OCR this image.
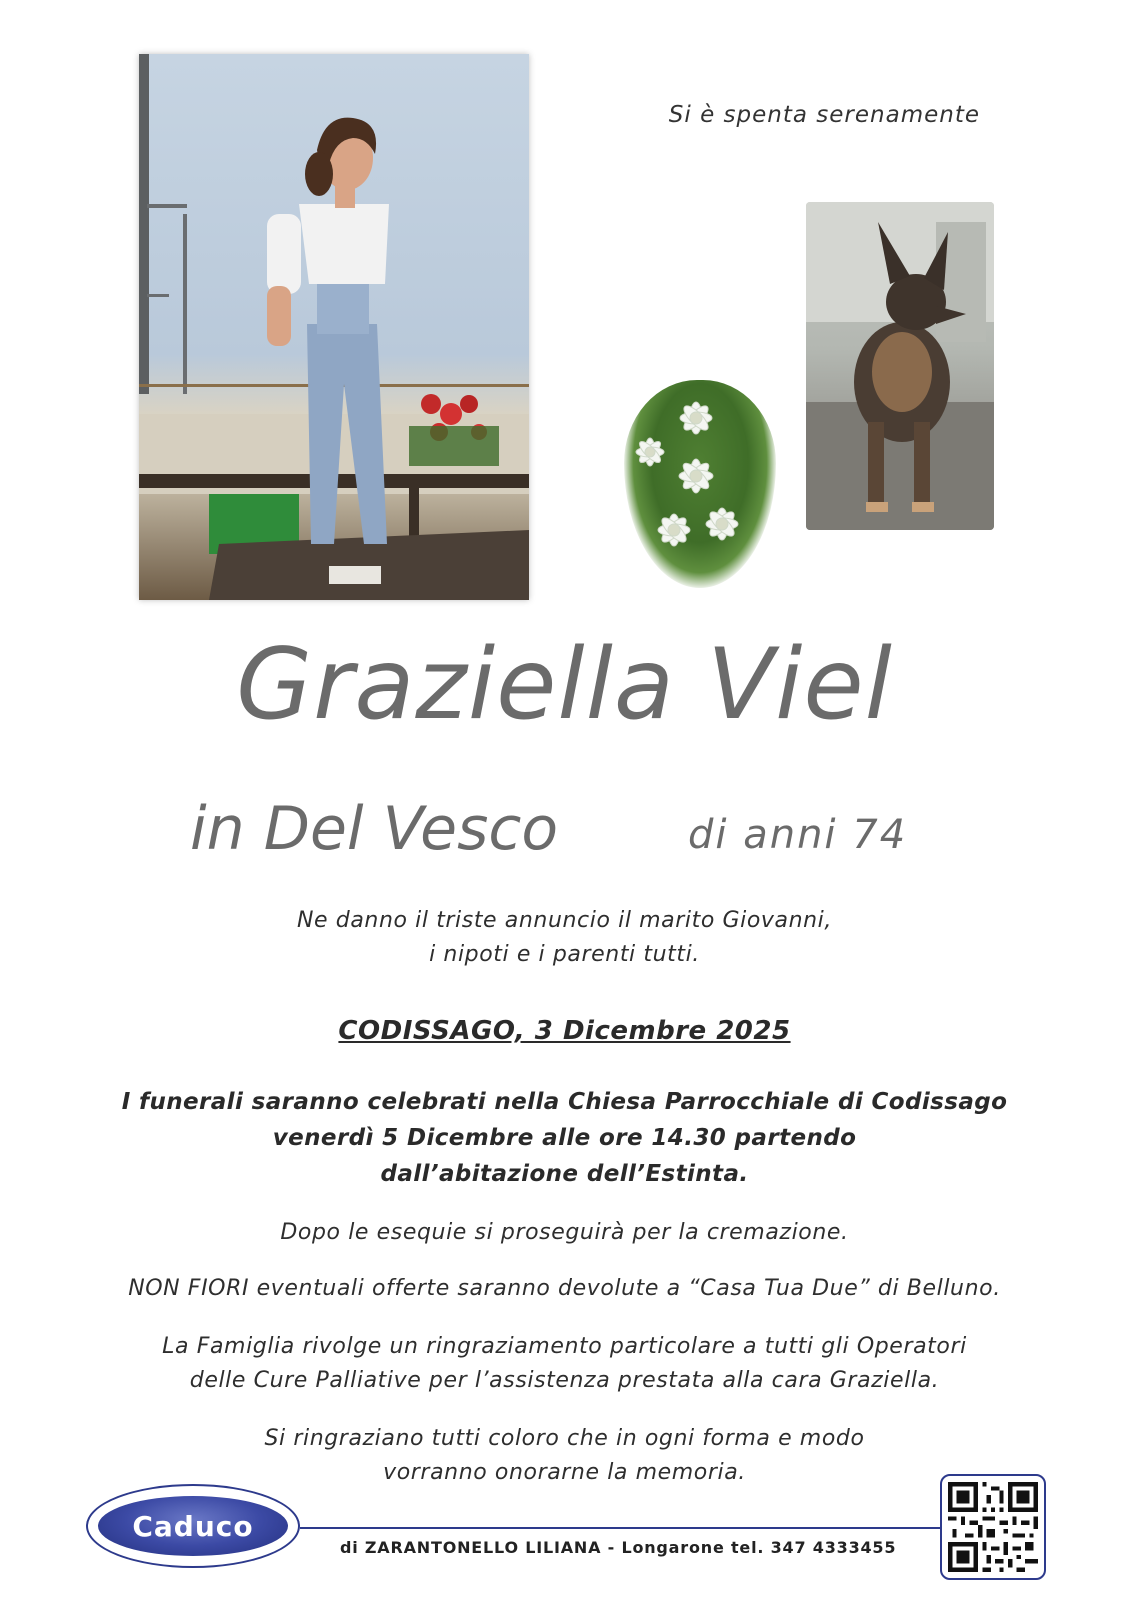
Si è spenta serenamente
Graziella Viel
in Del Vesco	di anni 74
Ne danno il triste annuncio il marito Giovanni,
i nipoti e i parenti tutti.
CODISSAGO, 3 Dicembre 2025
I funerali saranno celebrati nella Chiesa Parrocchiale di Codissago
venerdì 5 Dicembre alle ore 14.30 partendo
dall’abitazione dell’Estinta.
Dopo le esequie si proseguirà per la cremazione.
NON FIORI eventuali offerte saranno devolute a “Casa Tua Due” di Belluno.
La Famiglia rivolge un ringraziamento particolare a tutti gli Operatori
delle Cure Palliative per l’assistenza prestata alla cara Graziella.
Si ringraziano tutti coloro che in ogni forma e modo
vorranno onorarne la memoria.
Caduco
di ZARANTONELLO LILIANA - Longarone tel. 347 4333455
